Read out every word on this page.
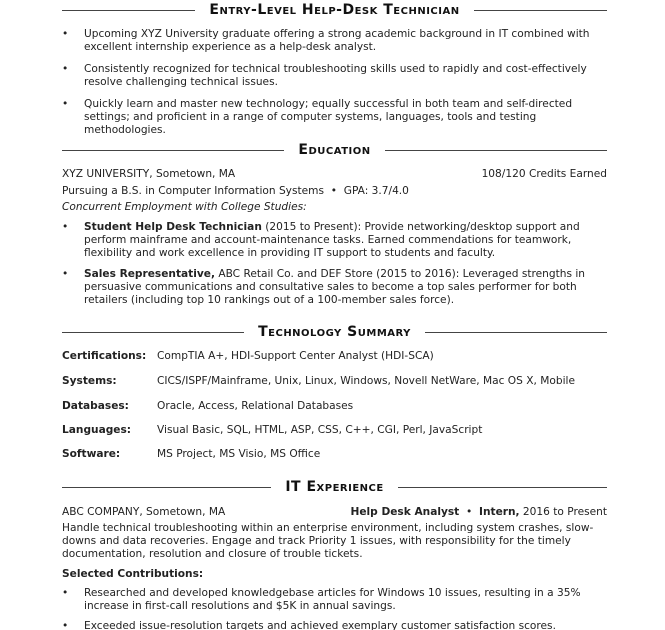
Entry-Level Help-Desk Technician
•	Upcoming XYZ University graduate offering a strong academic background in IT combined with excellent internship experience as a help-desk analyst.
•	Consistently recognized for technical troubleshooting skills used to rapidly and cost-effectively resolve challenging technical issues.
•	Quickly learn and master new technology; equally successful in both team and self-directed settings; and proficient in a range of computer systems, languages, tools and testing methodologies.
Education
XYZ UNIVERSITY, Sometown, MA	108/120 Credits Earned
Pursuing a B.S. in Computer Information Systems • GPA: 3.7/4.0
Concurrent Employment with College Studies:
•	Student Help Desk Technician (2015 to Present): Provide networking/desktop support and perform mainframe and account-maintenance tasks. Earned commendations for teamwork, flexibility and work excellence in providing IT support to students and faculty.
•	Sales Representative, ABC Retail Co. and DEF Store (2015 to 2016): Leveraged strengths in persuasive communications and consultative sales to become a top sales performer for both retailers (including top 10 rankings out of a 100-member sales force).
Technology Summary
Certifications: CompTIA A+, HDI-Support Center Analyst (HDI-SCA)
Systems:	CICS/ISPF/Mainframe, Unix, Linux, Windows, Novell NetWare, Mac OS X, Mobile
Databases:	Oracle, Access, Relational Databases
Languages: Visual Basic, SQL, HTML, ASP, CSS, C++, CGI, Perl, JavaScript
Software:	MS Project, MS Visio, MS Office
IT Experience
ABC COMPANY, Sometown, MA	Help Desk Analyst • Intern, 2016 to Present
Handle technical troubleshooting within an enterprise environment, including system crashes, slow-downs and data recoveries. Engage and track Priority 1 issues, with responsibility for the timely documentation, resolution and closure of trouble tickets.
Selected Contributions:
•	Researched and developed knowledgebase articles for Windows 10 issues, resulting in a 35% increase in first-call resolutions and $5K in annual savings.
•	Exceeded issue-resolution targets and achieved exemplary customer satisfaction scores.
